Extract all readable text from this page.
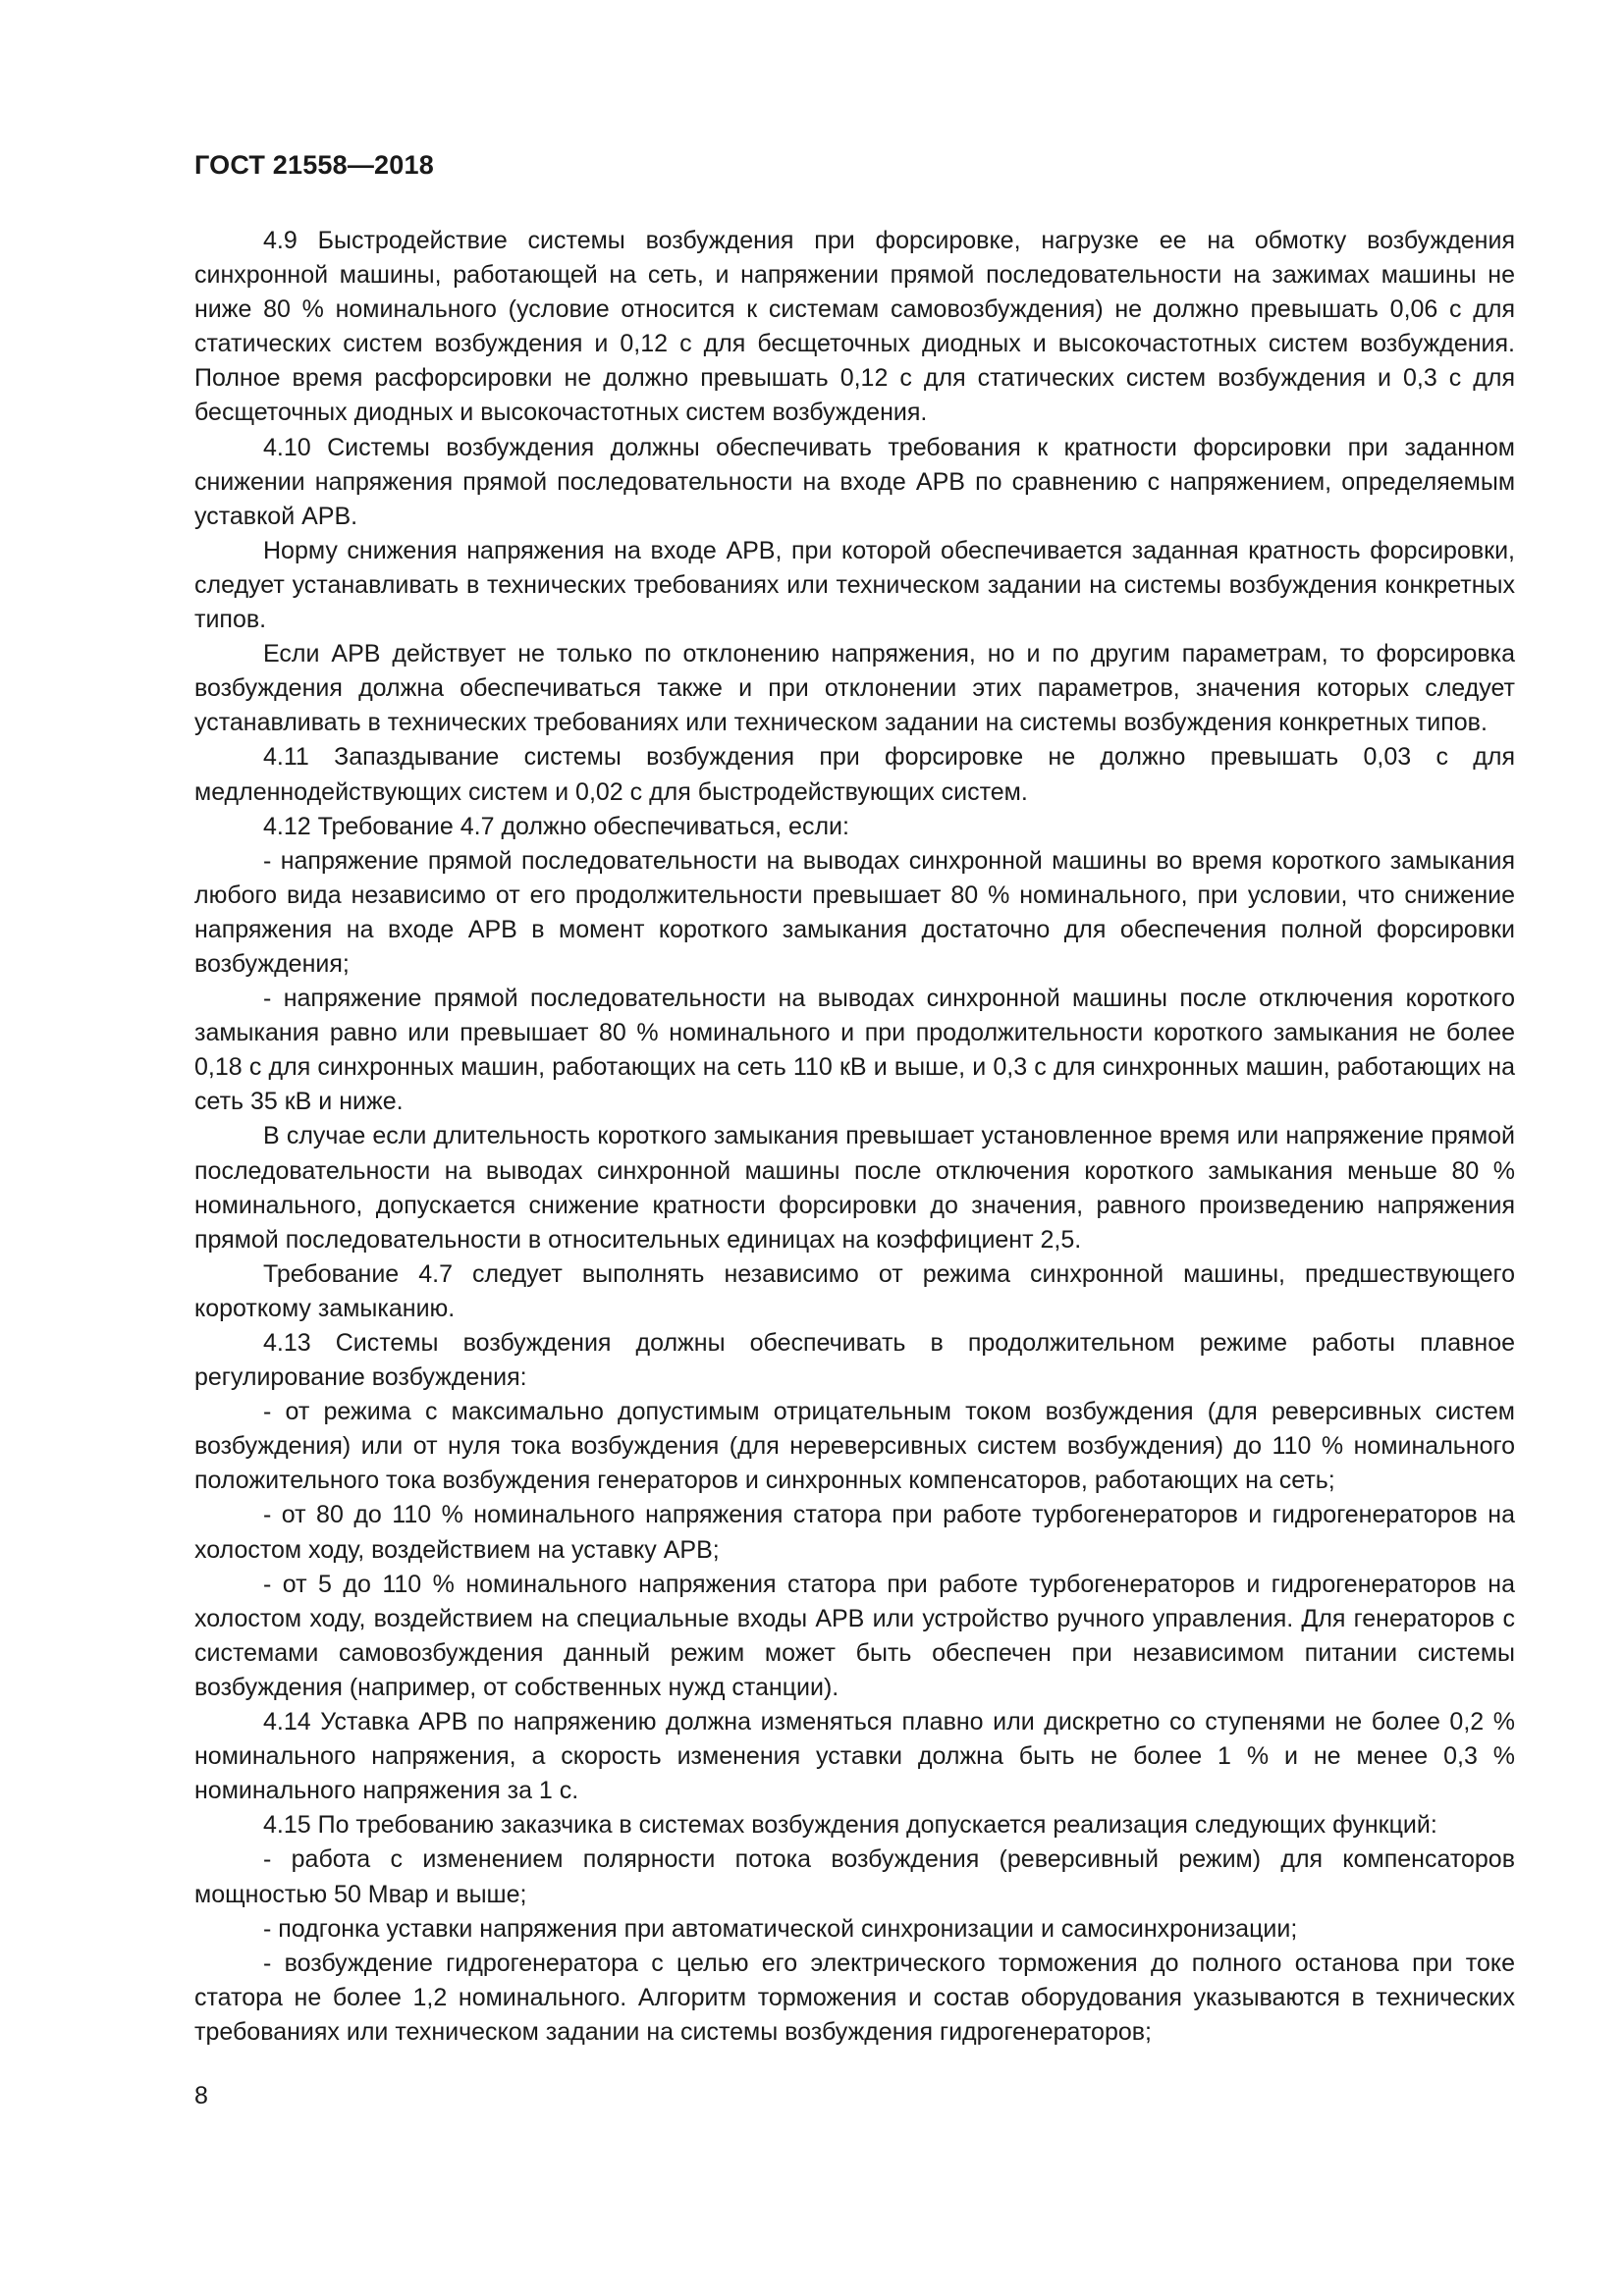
ГОСТ 21558—2018

4.9 Быстродействие системы возбуждения при форсировке, нагрузке ее на обмотку возбуждения синхронной машины, работающей на сеть, и напряжении прямой последовательности на зажимах машины не ниже 80 % номинального (условие относится к системам самовозбуждения) не должно превышать 0,06 с для статических систем возбуждения и 0,12 с для бесщеточных диодных и высокочастотных систем возбуждения. Полное время расфорсировки не должно превышать 0,12 с для статических систем возбуждения и 0,3 с для бесщеточных диодных и высокочастотных систем возбуждения.

4.10 Системы возбуждения должны обеспечивать требования к кратности форсировки при заданном снижении напряжения прямой последовательности на входе АРВ по сравнению с напряжением, определяемым уставкой АРВ.

Норму снижения напряжения на входе АРВ, при которой обеспечивается заданная кратность форсировки, следует устанавливать в технических требованиях или техническом задании на системы возбуждения конкретных типов.

Если АРВ действует не только по отклонению напряжения, но и по другим параметрам, то форсировка возбуждения должна обеспечиваться также и при отклонении этих параметров, значения которых следует устанавливать в технических требованиях или техническом задании на системы возбуждения конкретных типов.

4.11 Запаздывание системы возбуждения при форсировке не должно превышать 0,03 с для медленнодействующих систем и 0,02 с для быстродействующих систем.

4.12 Требование 4.7 должно обеспечиваться, если:

- напряжение прямой последовательности на выводах синхронной машины во время короткого замыкания любого вида независимо от его продолжительности превышает 80 % номинального, при условии, что снижение напряжения на входе АРВ в момент короткого замыкания достаточно для обеспечения полной форсировки возбуждения;

- напряжение прямой последовательности на выводах синхронной машины после отключения короткого замыкания равно или превышает 80 % номинального и при продолжительности короткого замыкания не более 0,18 с для синхронных машин, работающих на сеть 110 кВ и выше, и 0,3 с для синхронных машин, работающих на сеть 35 кВ и ниже.

В случае если длительность короткого замыкания превышает установленное время или напряжение прямой последовательности на выводах синхронной машины после отключения короткого замыкания меньше 80 % номинального, допускается снижение кратности форсировки до значения, равного произведению напряжения прямой последовательности в относительных единицах на коэффициент 2,5.

Требование 4.7 следует выполнять независимо от режима синхронной машины, предшествующего короткому замыканию.

4.13 Системы возбуждения должны обеспечивать в продолжительном режиме работы плавное регулирование возбуждения:

- от режима с максимально допустимым отрицательным током возбуждения (для реверсивных систем возбуждения) или от нуля тока возбуждения (для нереверсивных систем возбуждения) до 110 % номинального положительного тока возбуждения генераторов и синхронных компенсаторов, работающих на сеть;

- от 80 до 110 % номинального напряжения статора при работе турбогенераторов и гидрогенераторов на холостом ходу, воздействием на уставку АРВ;

- от 5 до 110 % номинального напряжения статора при работе турбогенераторов и гидрогенераторов на холостом ходу, воздействием на специальные входы АРВ или устройство ручного управления. Для генераторов с системами самовозбуждения данный режим может быть обеспечен при независимом питании системы возбуждения (например, от собственных нужд станции).

4.14 Уставка АРВ по напряжению должна изменяться плавно или дискретно со ступенями не более 0,2 % номинального напряжения, а скорость изменения уставки должна быть не более 1 % и не менее 0,3 % номинального напряжения за 1 с.

4.15 По требованию заказчика в системах возбуждения допускается реализация следующих функций:

- работа с изменением полярности потока возбуждения (реверсивный режим) для компенсаторов мощностью 50 Мвар и выше;

- подгонка уставки напряжения при автоматической синхронизации и самосинхронизации;

- возбуждение гидрогенератора с целью его электрического торможения до полного останова при токе статора не более 1,2 номинального. Алгоритм торможения и состав оборудования указываются в технических требованиях или техническом задании на системы возбуждения гидрогенераторов;

8
